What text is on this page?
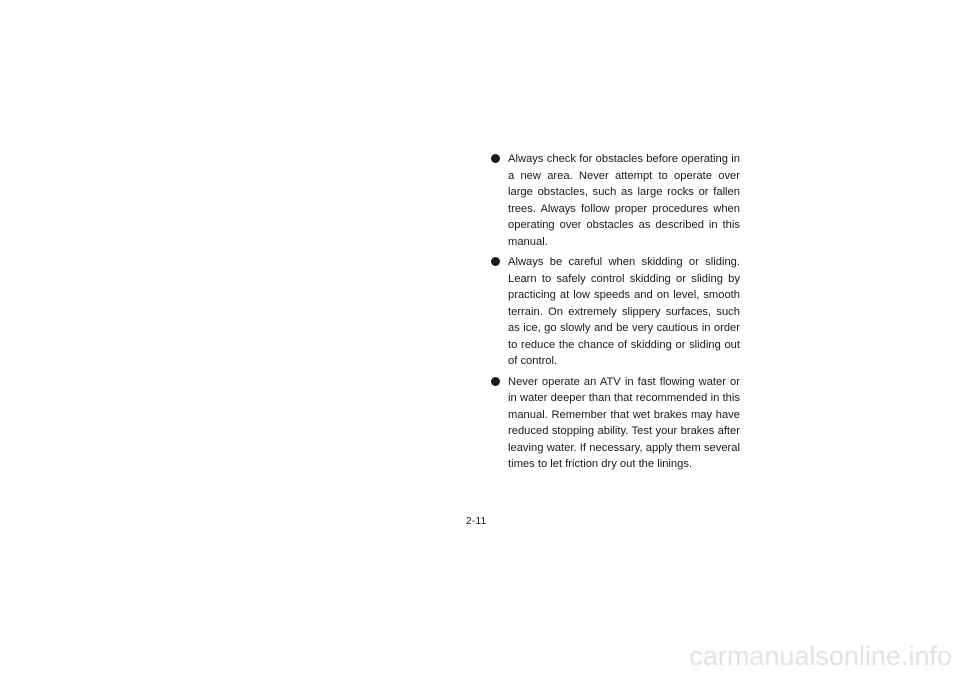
Always check for obstacles before operating in a new area. Never attempt to operate over large obstacles, such as large rocks or fallen trees. Always follow proper procedures when operating over obstacles as described in this manual.
Always be careful when skidding or sliding. Learn to safely control skidding or sliding by practicing at low speeds and on level, smooth terrain. On extremely slippery surfaces, such as ice, go slowly and be very cautious in order to reduce the chance of skidding or sliding out of control.
Never operate an ATV in fast flowing water or in water deeper than that recommended in this manual. Remember that wet brakes may have reduced stopping ability. Test your brakes after leaving water. If necessary, apply them several times to let friction dry out the linings.
2-11
carmanualsonline.info
